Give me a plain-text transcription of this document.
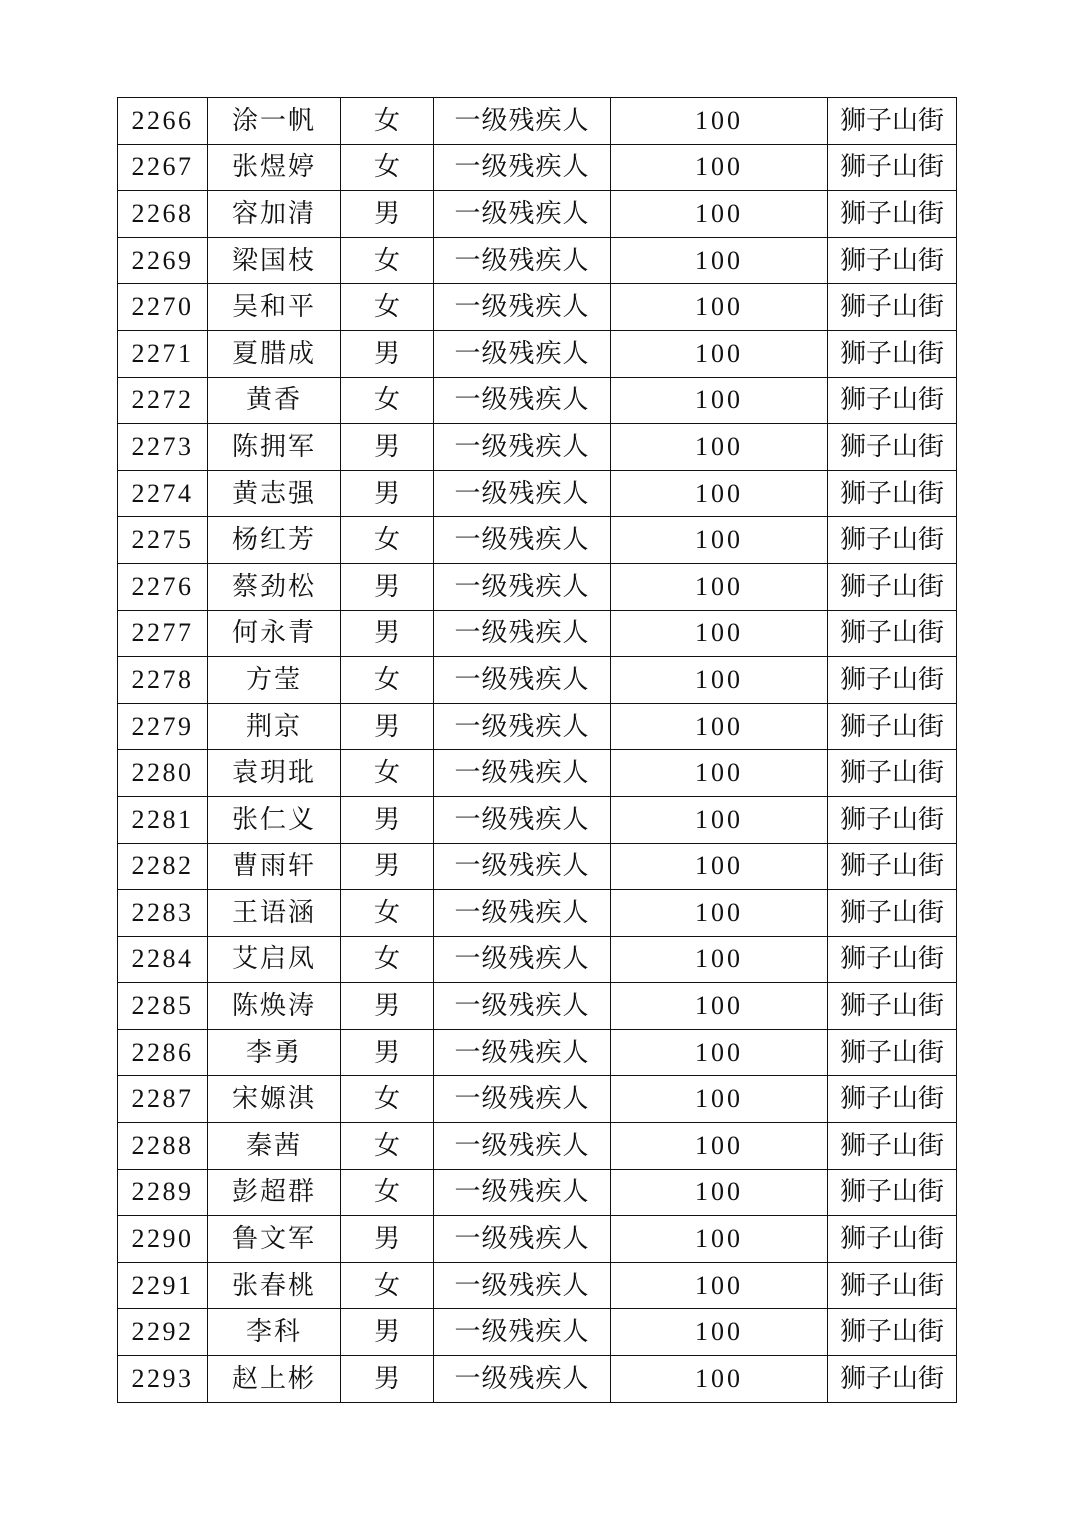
2266	涂一帆	女	一级残疾人	100	狮子山街
2267	张煜婷	女	一级残疾人	100	狮子山街
2268	容加清	男	一级残疾人	100	狮子山街
2269	梁国枝	女	一级残疾人	100	狮子山街
2270	吴和平	女	一级残疾人	100	狮子山街
2271	夏腊成	男	一级残疾人	100	狮子山街
2272	黄香	女	一级残疾人	100	狮子山街
2273	陈拥军	男	一级残疾人	100	狮子山街
2274	黄志强	男	一级残疾人	100	狮子山街
2275	杨红芳	女	一级残疾人	100	狮子山街
2276	蔡劲松	男	一级残疾人	100	狮子山街
2277	何永青	男	一级残疾人	100	狮子山街
2278	方莹	女	一级残疾人	100	狮子山街
2279	荆京	男	一级残疾人	100	狮子山街
2280	袁玥玭	女	一级残疾人	100	狮子山街
2281	张仁义	男	一级残疾人	100	狮子山街
2282	曹雨轩	男	一级残疾人	100	狮子山街
2283	王语涵	女	一级残疾人	100	狮子山街
2284	艾启凤	女	一级残疾人	100	狮子山街
2285	陈焕涛	男	一级残疾人	100	狮子山街
2286	李勇	男	一级残疾人	100	狮子山街
2287	宋嫄淇	女	一级残疾人	100	狮子山街
2288	秦茜	女	一级残疾人	100	狮子山街
2289	彭超群	女	一级残疾人	100	狮子山街
2290	鲁文军	男	一级残疾人	100	狮子山街
2291	张春桃	女	一级残疾人	100	狮子山街
2292	李科	男	一级残疾人	100	狮子山街
2293	赵上彬	男	一级残疾人	100	狮子山街
